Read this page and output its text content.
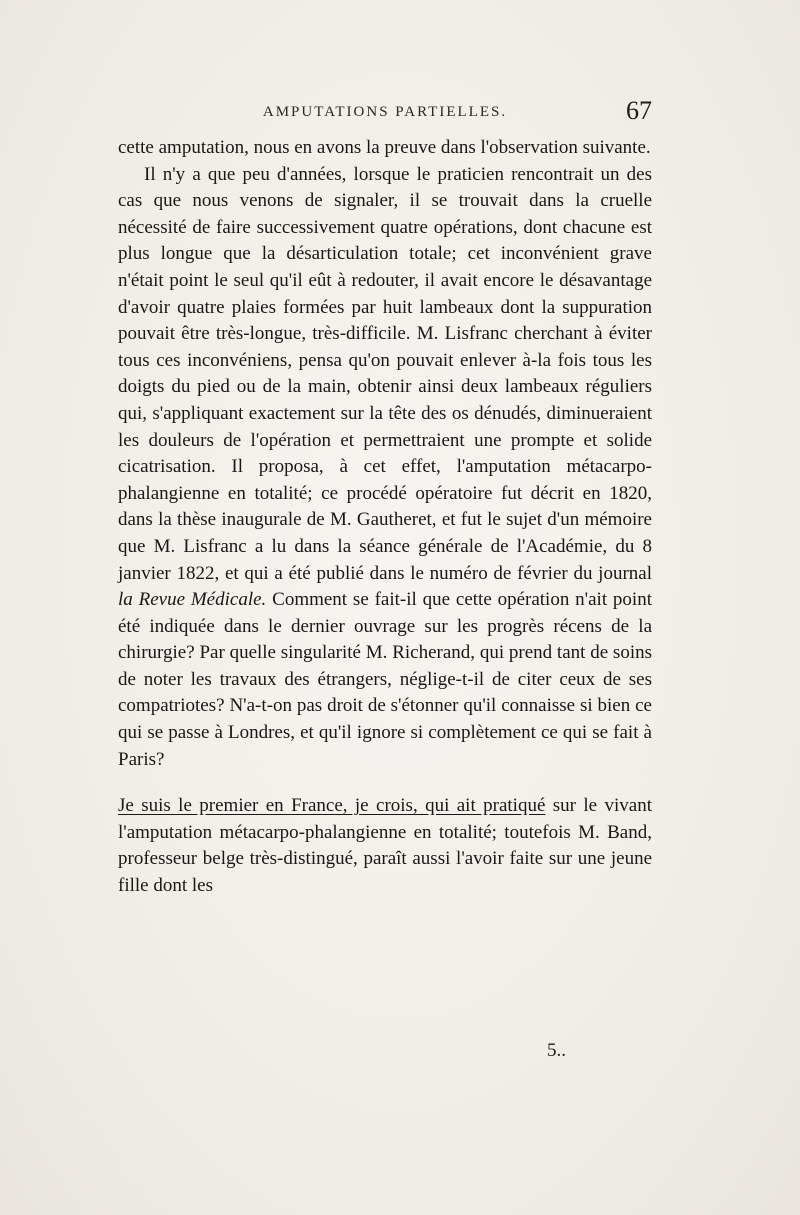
AMPUTATIONS PARTIELLES.	67

cette amputation, nous en avons la preuve dans l'observation suivante.

Il n'y a que peu d'années, lorsque le praticien rencontrait un des cas que nous venons de signaler, il se trouvait dans la cruelle nécessité de faire successivement quatre opérations, dont chacune est plus longue que la désarticulation totale; cet inconvénient grave n'était point le seul qu'il eût à redouter, il avait encore le désavantage d'avoir quatre plaies formées par huit lambeaux dont la suppuration pouvait être très-longue, très-difficile. M. Lisfranc cherchant à éviter tous ces inconvéniens, pensa qu'on pouvait enlever à-la fois tous les doigts du pied ou de la main, obtenir ainsi deux lambeaux réguliers qui, s'appliquant exactement sur la tête des os dénudés, diminueraient les douleurs de l'opération et permettraient une prompte et solide cicatrisation. Il proposa, à cet effet, l'amputation métacarpo-phalangienne en totalité; ce procédé opératoire fut décrit en 1820, dans la thèse inaugurale de M. Gautheret, et fut le sujet d'un mémoire que M. Lisfranc a lu dans la séance générale de l'Académie, du 8 janvier 1822, et qui a été publié dans le numéro de février du journal la Revue Médicale. Comment se fait-il que cette opération n'ait point été indiquée dans le dernier ouvrage sur les progrès récens de la chirurgie? Par quelle singularité M. Richerand, qui prend tant de soins de noter les travaux des étrangers, néglige-t-il de citer ceux de ses compatriotes? N'a-t-on pas droit de s'étonner qu'il connaisse si bien ce qui se passe à Londres, et qu'il ignore si complètement ce qui se fait à Paris?

Je suis le premier en France, je crois, qui ait pratiqué sur le vivant l'amputation métacarpo-phalangienne en totalité; toutefois M. Band, professeur belge très-distingué, paraît aussi l'avoir faite sur une jeune fille dont les

5..
